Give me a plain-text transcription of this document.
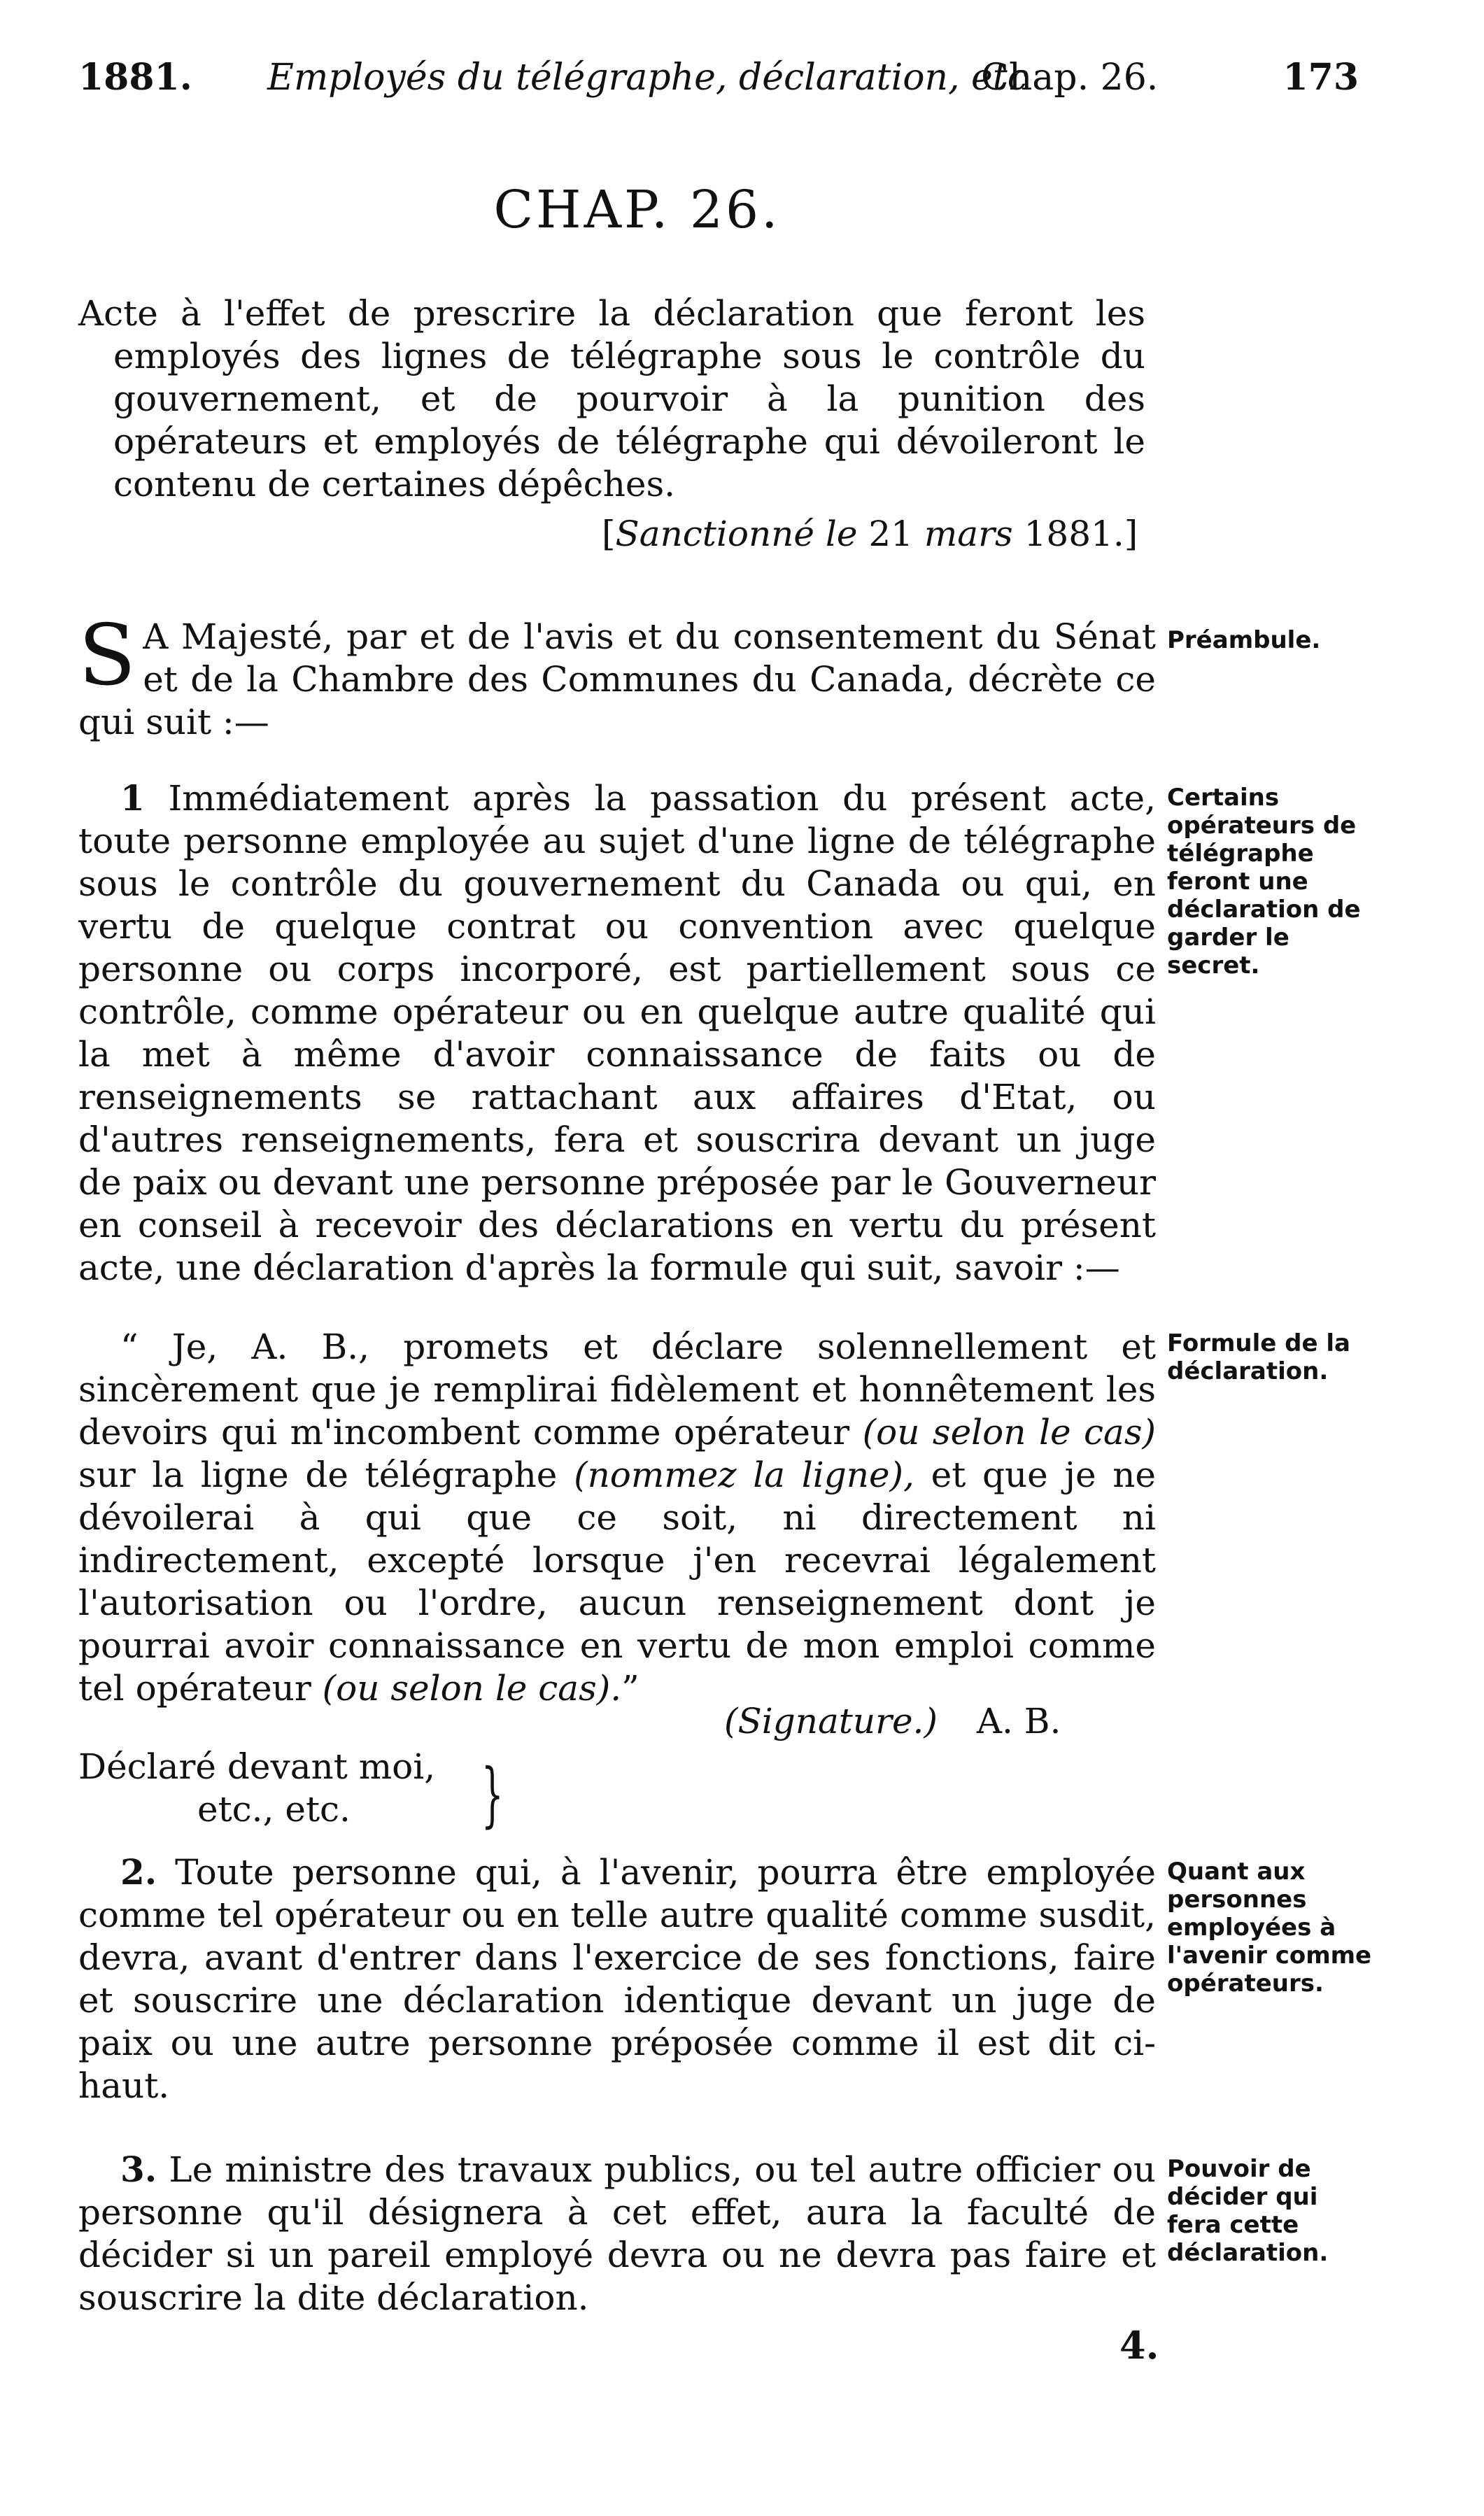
1881. Employés du télégraphe, déclaration, etc
Chap. 26.	173
CHAP. 26.

Acte à l'effet de prescrire la déclaration que feront les employés des lignes de télégraphe sous le contrôle du gouvernement, et de pourvoir à la punition des opérateurs et employés de télégraphe qui dévoileront le contenu de certaines dépêches.

[Sanctionné le 21 mars 1881.]

S A Majesté, par et de l'avis et du consentement du Sénat et de la Chambre des Communes du Canada, décrète ce qui suit :—

Préambule.

1 Immédiatement après la passation du présent acte, toute personne employée au sujet d'une ligne de télégraphe sous le contrôle du gouvernement du Canada ou qui, en vertu de quelque contrat ou convention avec quelque personne ou corps incorporé, est partiellement sous ce contrôle, comme opérateur ou en quelque autre qualité qui la met à même d'avoir connaissance de faits ou de renseignements se rattachant aux affaires d'Etat, ou d'autres renseignements, fera et souscrira devant un juge de paix ou devant une personne préposée par le Gouverneur en conseil à recevoir des déclarations en vertu du présent acte, une déclaration d'après la formule qui suit, savoir :—

Certains opérateurs de télégraphe feront une déclaration de garder le secret.

“ Je, A. B., promets et déclare solennellement et sincèrement que je remplirai fidèlement et honnêtement les devoirs qui m'incombent comme opérateur (ou selon le cas) sur la ligne de télégraphe (nommez la ligne), et que je ne dévoilerai à qui que ce soit, ni directement ni indirectement, excepté lorsque j'en recevrai légalement l'autorisation ou l'ordre, aucun renseignement dont je pourrai avoir connaissance en vertu de mon emploi comme tel opérateur (ou selon le cas).”

Formule de la déclaration.
(Signature.) A. B.
Déclaré devant moi,
etc., etc.	}

2. Toute personne qui, à l'avenir, pourra être employée comme tel opérateur ou en telle autre qualité comme susdit, devra, avant d'entrer dans l'exercice de ses fonctions, faire et souscrire une déclaration identique devant un juge de paix ou une autre personne préposée comme il est dit ci-haut.

Quant aux personnes employées à l'avenir comme opérateurs.

3. Le ministre des travaux publics, ou tel autre officier ou personne qu'il désignera à cet effet, aura la faculté de décider si un pareil employé devra ou ne devra pas faire et souscrire la dite déclaration.

Pouvoir de décider qui fera cette déclaration.
4.
